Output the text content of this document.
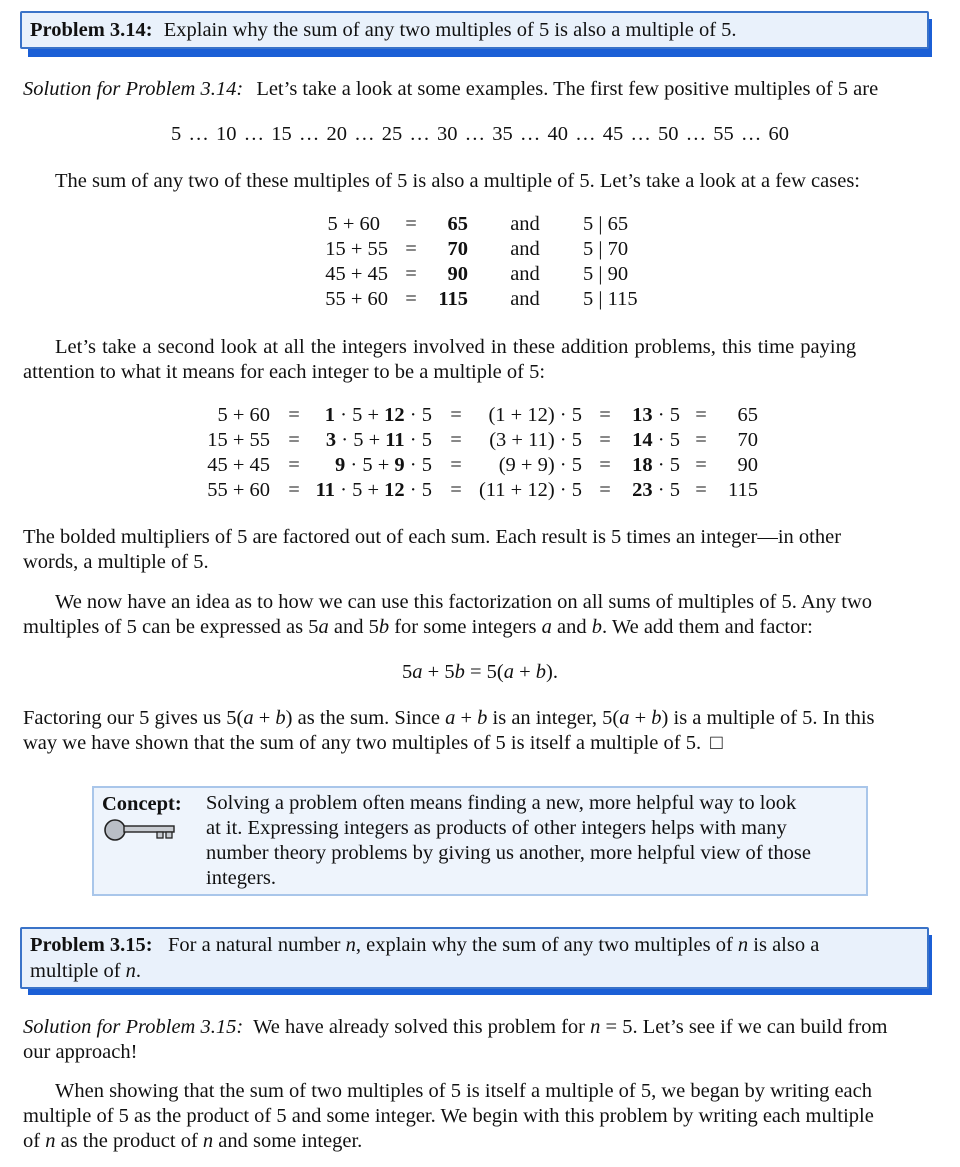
Problem 3.14: Explain why the sum of any two multiples of 5 is also a multiple of 5.
Solution for Problem 3.14: Let’s take a look at some examples. The first few positive multiples of 5 are
5 … 10 … 15 … 20 … 25 … 30 … 35 … 40 … 45 … 50 … 55 … 60
The sum of any two of these multiples of 5 is also a multiple of 5. Let’s take a look at a few cases:
5 + 60 =	65	and	5 | 65
15 + 55 =	70	and	5 | 70
45 + 45 =	90	and	5 | 90
55 + 60 =	115	and	5 | 115
Let’s take a second look at all the integers involved in these addition problems, this time paying
attention to what it means for each integer to be a multiple of 5:
5 + 60 =	1 · 5 + 12 · 5 =	(1 + 12) · 5 =	13 · 5 =	65
15 + 55 =	3 · 5 + 11 · 5 =	(3 + 11) · 5 =	14 · 5 =	70
45 + 45 =	9 · 5 + 9 · 5 =	(9 + 9) · 5 =	18 · 5 =	90
55 + 60 = 11 · 5 + 12 · 5 = (11 + 12) · 5 =	23 · 5 =	115
The bolded multipliers of 5 are factored out of each sum. Each result is 5 times an integer—in other
words, a multiple of 5.
We now have an idea as to how we can use this factorization on all sums of multiples of 5. Any two
multiples of 5 can be expressed as 5a and 5b for some integers a and b. We add them and factor:
5a + 5b = 5(a + b).
Factoring our 5 gives us 5(a + b) as the sum. Since a + b is an integer, 5(a + b) is a multiple of 5. In this
way we have shown that the sum of any two multiples of 5 is itself a multiple of 5. □
Concept: Solving a problem often means finding a new, more helpful way to look
at it. Expressing integers as products of other integers helps with many
number theory problems by giving us another, more helpful view of those
integers.
Problem 3.15: For a natural number n, explain why the sum of any two multiples of n is also a
multiple of n.
Solution for Problem 3.15: We have already solved this problem for n = 5. Let’s see if we can build from
our approach!
When showing that the sum of two multiples of 5 is itself a multiple of 5, we began by writing each
multiple of 5 as the product of 5 and some integer. We begin with this problem by writing each multiple
of n as the product of n and some integer.
